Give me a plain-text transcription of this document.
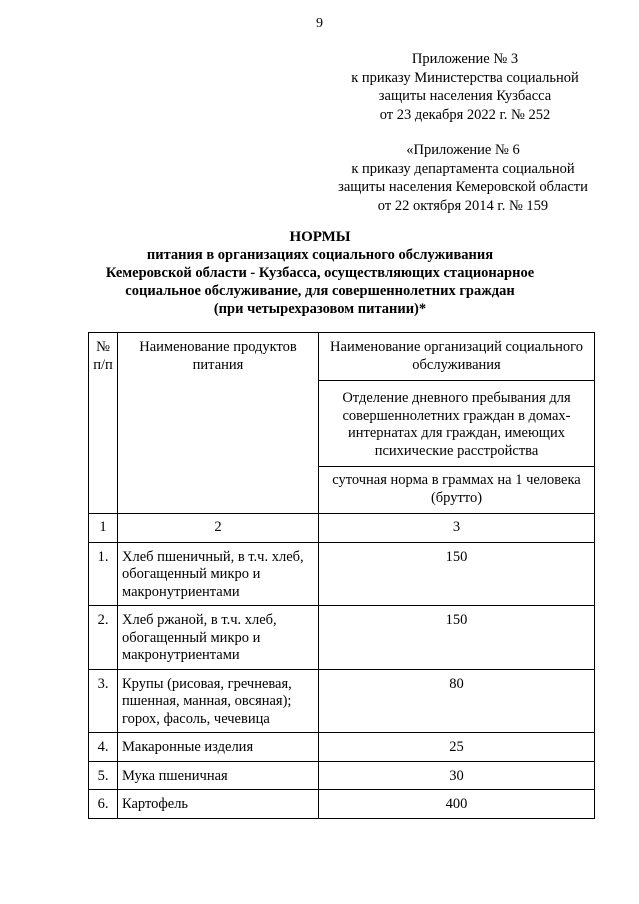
9
Приложение № 3
к приказу Министерства социальной
защиты населения Кузбасса
от 23 декабря 2022 г. № 252
«Приложение № 6
к приказу департамента социальной
защиты населения Кемеровской области
от 22 октября 2014 г. № 159
НОРМЫ
питания в организациях социального обслуживания
Кемеровской области - Кузбасса, осуществляющих стационарное
социальное обслуживание, для совершеннолетних граждан
(при четырехразовом питании)*
№ п/п	Наименование продуктов питания	Наименование организаций социального обслуживания
		Отделение дневного пребывания для совершеннолетних граждан в домах-интернатах для граждан, имеющих психические расстройства
		суточная норма в граммах на 1 человека (брутто)
1	2	3
1.	Хлеб пшеничный, в т.ч. хлеб, обогащенный микро и макронутриентами	150
2.	Хлеб ржаной, в т.ч. хлеб, обогащенный микро и макронутриентами	150
3.	Крупы (рисовая, гречневая, пшенная, манная, овсяная); горох, фасоль, чечевица	80
4.	Макаронные изделия	25
5.	Мука пшеничная	30
6.	Картофель	400
